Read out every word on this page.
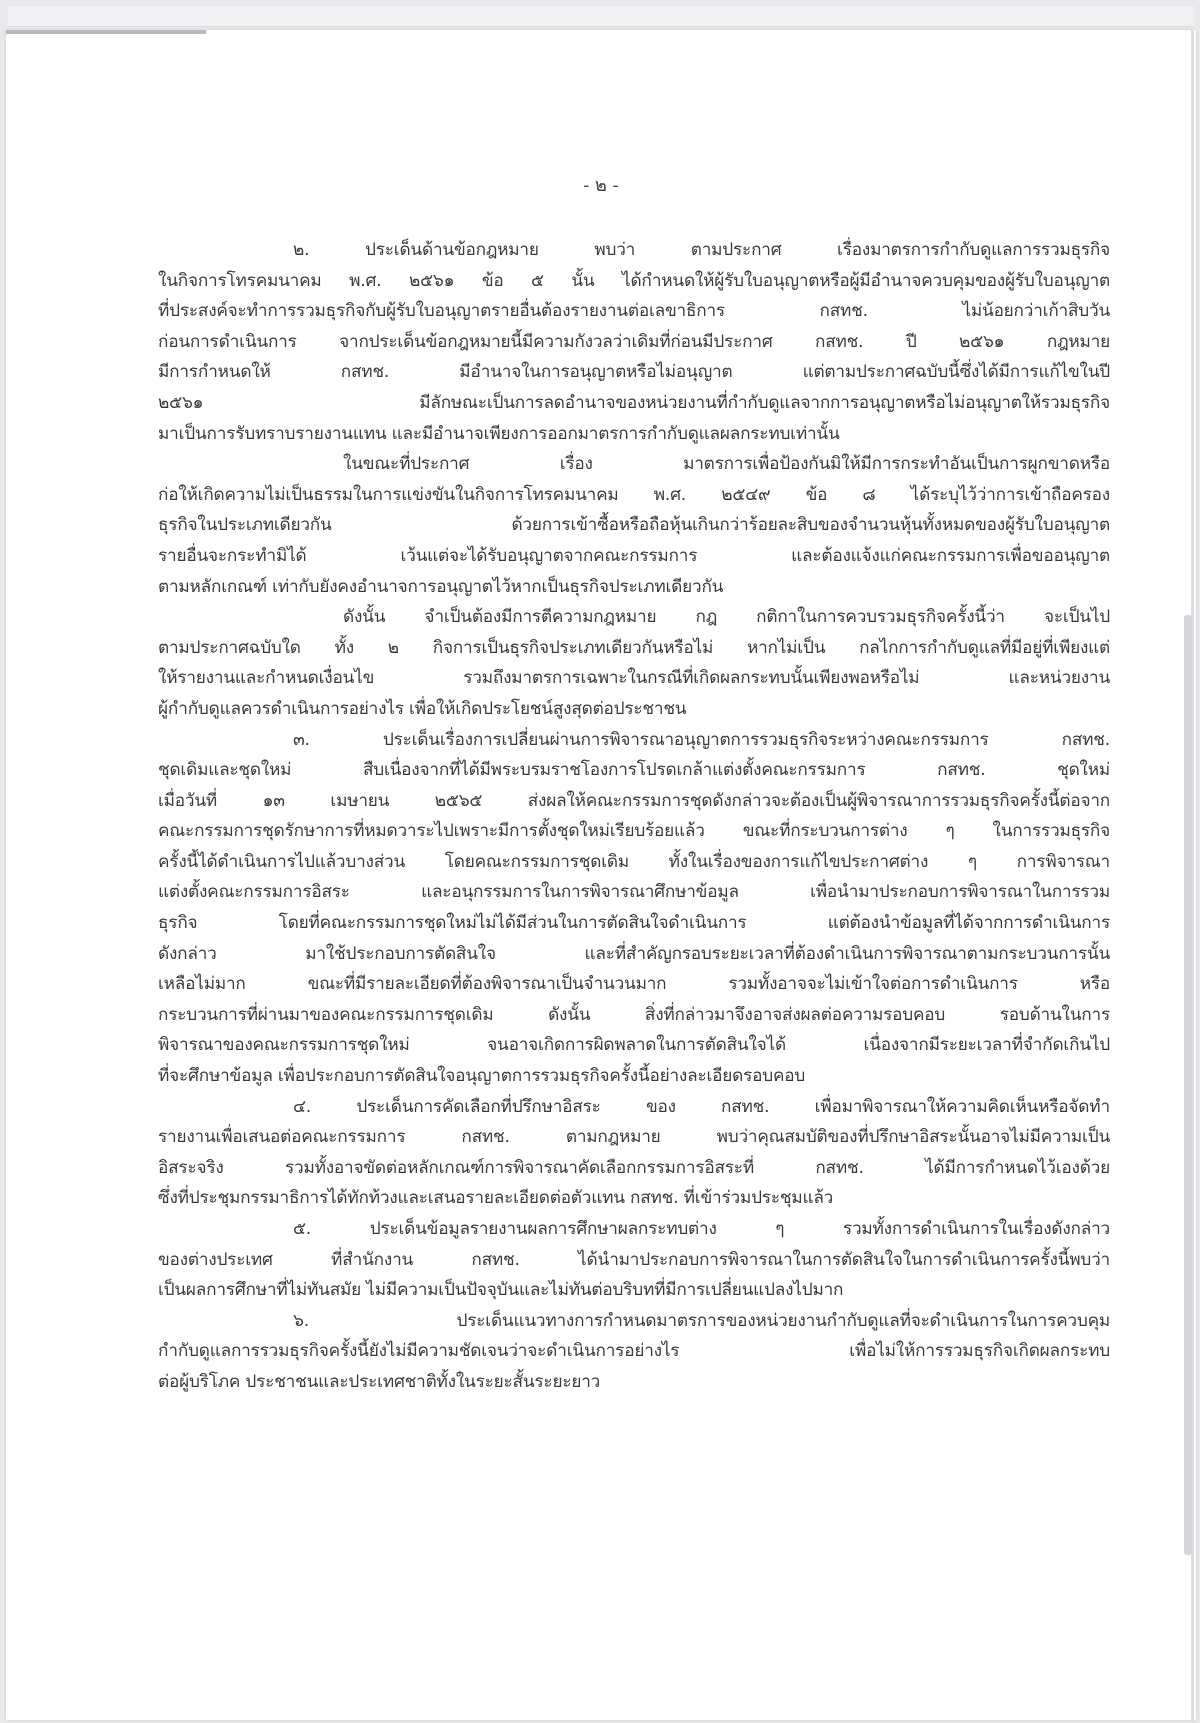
- ๒ -
๒. ประเด็นด้านข้อกฎหมาย พบว่า ตามประกาศ เรื่องมาตรการกำกับดูแลการรวมธุรกิจ
ในกิจการโทรคมนาคม พ.ศ. ๒๕๖๑ ข้อ ๕ นั้น ได้กำหนดให้ผู้รับใบอนุญาตหรือผู้มีอำนาจควบคุมของผู้รับใบอนุญาต
ที่ประสงค์จะทำการรวมธุรกิจกับผู้รับใบอนุญาตรายอื่นต้องรายงานต่อเลขาธิการ กสทช. ไม่น้อยกว่าเก้าสิบวัน
ก่อนการดำเนินการ จากประเด็นข้อกฎหมายนี้มีความกังวลว่าเดิมที่ก่อนมีประกาศ กสทช. ปี ๒๕๖๑ กฎหมาย
มีการกำหนดให้ กสทช. มีอำนาจในการอนุญาตหรือไม่อนุญาต แต่ตามประกาศฉบับนี้ซึ่งได้มีการแก้ไขในปี
๒๕๖๑ มีลักษณะเป็นการลดอำนาจของหน่วยงานที่กำกับดูแลจากการอนุญาตหรือไม่อนุญาตให้รวมธุรกิจ
มาเป็นการรับทราบรายงานแทน และมีอำนาจเพียงการออกมาตรการกำกับดูแลผลกระทบเท่านั้น
ในขณะที่ประกาศ เรื่อง มาตรการเพื่อป้องกันมิให้มีการกระทำอันเป็นการผูกขาดหรือ
ก่อให้เกิดความไม่เป็นธรรมในการแข่งขันในกิจการโทรคมนาคม พ.ศ. ๒๕๔๙ ข้อ ๘ ได้ระบุไว้ว่าการเข้าถือครอง
ธุรกิจในประเภทเดียวกัน ด้วยการเข้าซื้อหรือถือหุ้นเกินกว่าร้อยละสิบของจำนวนหุ้นทั้งหมดของผู้รับใบอนุญาต
รายอื่นจะกระทำมิได้ เว้นแต่จะได้รับอนุญาตจากคณะกรรมการ และต้องแจ้งแก่คณะกรรมการเพื่อขออนุญาต
ตามหลักเกณฑ์ เท่ากับยังคงอำนาจการอนุญาตไว้หากเป็นธุรกิจประเภทเดียวกัน
ดังนั้น จำเป็นต้องมีการตีความกฎหมาย กฎ กติกาในการควบรวมธุรกิจครั้งนี้ว่า จะเป็นไป
ตามประกาศฉบับใด ทั้ง ๒ กิจการเป็นธุรกิจประเภทเดียวกันหรือไม่ หากไม่เป็น กลไกการกำกับดูแลที่มีอยู่ที่เพียงแต่
ให้รายงานและกำหนดเงื่อนไข รวมถึงมาตรการเฉพาะในกรณีที่เกิดผลกระทบนั้นเพียงพอหรือไม่ และหน่วยงาน
ผู้กำกับดูแลควรดำเนินการอย่างไร เพื่อให้เกิดประโยชน์สูงสุดต่อประชาชน
๓. ประเด็นเรื่องการเปลี่ยนผ่านการพิจารณาอนุญาตการรวมธุรกิจระหว่างคณะกรรมการ กสทช.
ชุดเดิมและชุดใหม่ สืบเนื่องจากที่ได้มีพระบรมราชโองการโปรดเกล้าแต่งตั้งคณะกรรมการ กสทช. ชุดใหม่
เมื่อวันที่ ๑๓ เมษายน ๒๕๖๕ ส่งผลให้คณะกรรมการชุดดังกล่าวจะต้องเป็นผู้พิจารณาการรวมธุรกิจครั้งนี้ต่อจาก
คณะกรรมการชุดรักษาการที่หมดวาระไปเพราะมีการตั้งชุดใหม่เรียบร้อยแล้ว ขณะที่กระบวนการต่าง ๆ ในการรวมธุรกิจ
ครั้งนี้ได้ดำเนินการไปแล้วบางส่วน โดยคณะกรรมการชุดเดิม ทั้งในเรื่องของการแก้ไขประกาศต่าง ๆ การพิจารณา
แต่งตั้งคณะกรรมการอิสระ และอนุกรรมการในการพิจารณาศึกษาข้อมูล เพื่อนำมาประกอบการพิจารณาในการรวม
ธุรกิจ โดยที่คณะกรรมการชุดใหม่ไม่ได้มีส่วนในการตัดสินใจดำเนินการ แต่ต้องนำข้อมูลที่ได้จากการดำเนินการ
ดังกล่าว มาใช้ประกอบการตัดสินใจ และที่สำคัญกรอบระยะเวลาที่ต้องดำเนินการพิจารณาตามกระบวนการนั้น
เหลือไม่มาก ขณะที่มีรายละเอียดที่ต้องพิจารณาเป็นจำนวนมาก รวมทั้งอาจจะไม่เข้าใจต่อการดำเนินการ หรือ
กระบวนการที่ผ่านมาของคณะกรรมการชุดเดิม ดังนั้น สิ่งที่กล่าวมาจึงอาจส่งผลต่อความรอบคอบ รอบด้านในการ
พิจารณาของคณะกรรมการชุดใหม่ จนอาจเกิดการผิดพลาดในการตัดสินใจได้ เนื่องจากมีระยะเวลาที่จำกัดเกินไป
ที่จะศึกษาข้อมูล เพื่อประกอบการตัดสินใจอนุญาตการรวมธุรกิจครั้งนี้อย่างละเอียดรอบคอบ
๔. ประเด็นการคัดเลือกที่ปรึกษาอิสระ ของ กสทช. เพื่อมาพิจารณาให้ความคิดเห็นหรือจัดทำ
รายงานเพื่อเสนอต่อคณะกรรมการ กสทช. ตามกฎหมาย พบว่าคุณสมบัติของที่ปรึกษาอิสระนั้นอาจไม่มีความเป็น
อิสระจริง รวมทั้งอาจขัดต่อหลักเกณฑ์การพิจารณาคัดเลือกกรรมการอิสระที่ กสทช. ได้มีการกำหนดไว้เองด้วย
ซึ่งที่ประชุมกรรมาธิการได้ทักท้วงและเสนอรายละเอียดต่อตัวแทน กสทช. ที่เข้าร่วมประชุมแล้ว
๕. ประเด็นข้อมูลรายงานผลการศึกษาผลกระทบต่าง ๆ รวมทั้งการดำเนินการในเรื่องดังกล่าว
ของต่างประเทศ ที่สำนักงาน กสทช. ได้นำมาประกอบการพิจารณาในการตัดสินใจในการดำเนินการครั้งนี้พบว่า
เป็นผลการศึกษาที่ไม่ทันสมัย ไม่มีความเป็นปัจจุบันและไม่ทันต่อบริบทที่มีการเปลี่ยนแปลงไปมาก
๖. ประเด็นแนวทางการกำหนดมาตรการของหน่วยงานกำกับดูแลที่จะดำเนินการในการควบคุม
กำกับดูแลการรวมธุรกิจครั้งนี้ยังไม่มีความชัดเจนว่าจะดำเนินการอย่างไร เพื่อไม่ให้การรวมธุรกิจเกิดผลกระทบ
ต่อผู้บริโภค ประชาชนและประเทศชาติทั้งในระยะสั้นระยะยาว
